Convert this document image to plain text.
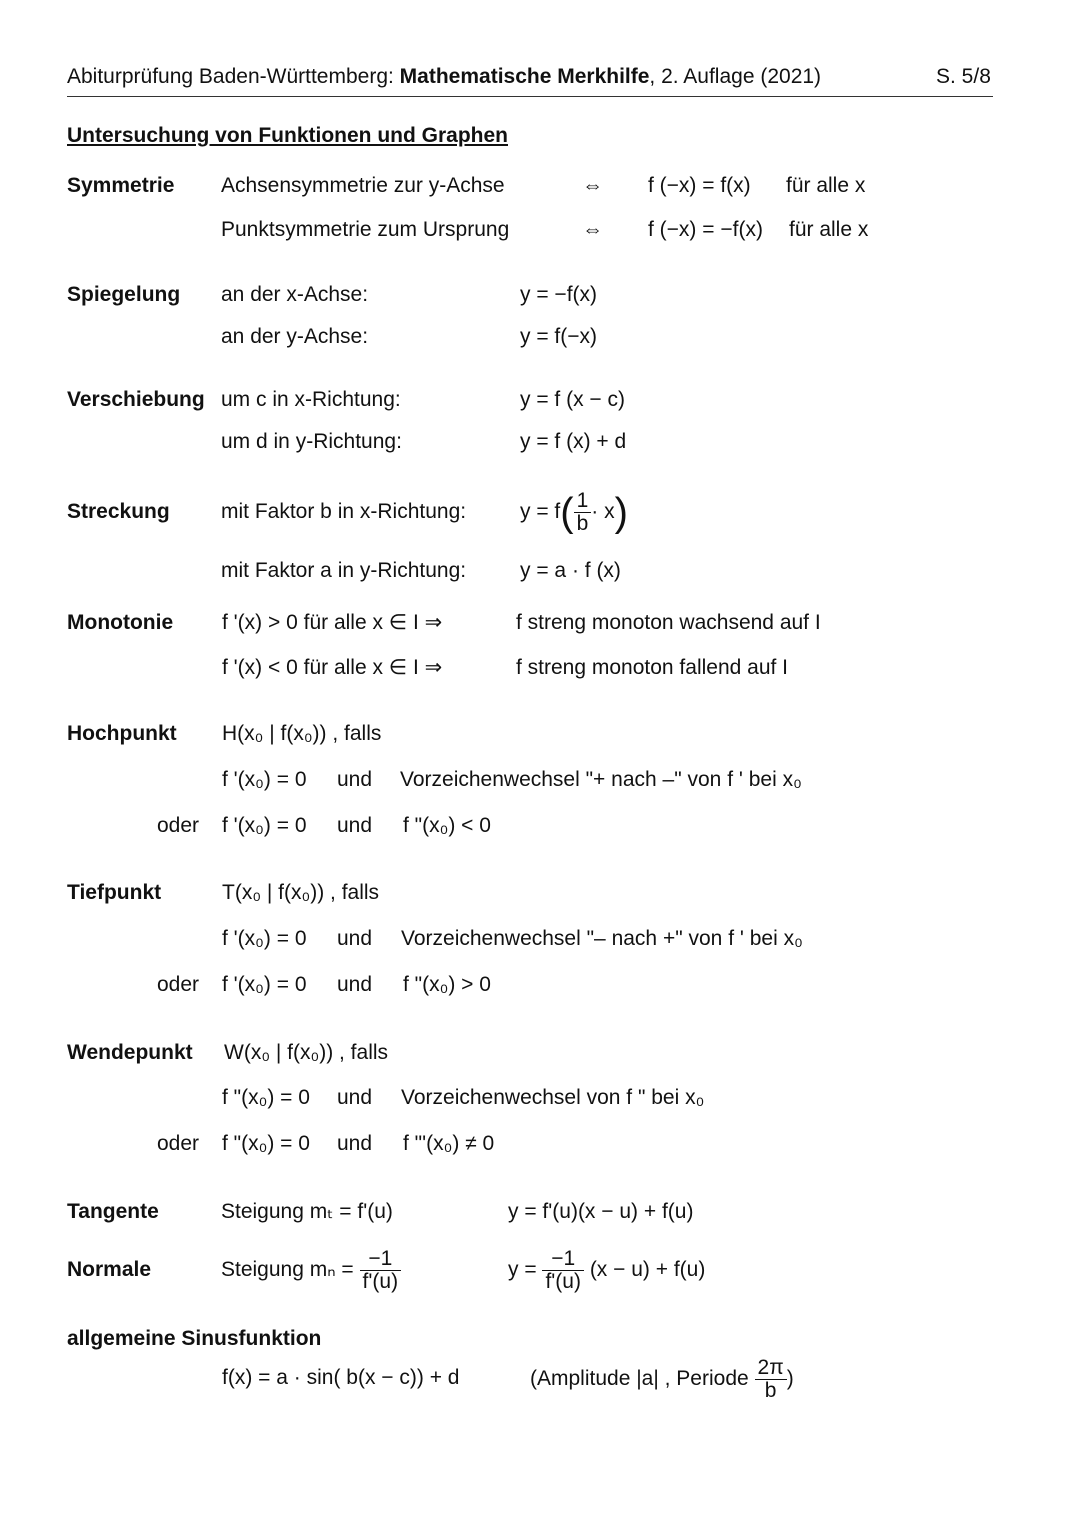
Abiturprüfung Baden-Württemberg: Mathematische Merkhilfe, 2. Auflage (2021)	S. 5/8
Untersuchung von Funktionen und Graphen
Symmetrie Achsensymmetrie zur y-Achse	⇔ f (−x) = f(x) für alle x
Punktsymmetrie zum Ursprung	⇔ f (−x) = −f(x) für alle x
Spiegelung an der x-Achse:	y = −f(x)
an der y-Achse:	y = f(−x)
Verschiebung um c in x-Richtung:	y = f (x − c)
um d in y-Richtung:	y = f (x) + d
Streckung mit Faktor b in x-Richtung:	$y = f( \frac{1}{b} \cdot x)$
mit Faktor a in y-Richtung:	y = a · f (x)
Monotonie f '(x) > 0 für alle x ∈ I ⇒	f streng monoton wachsend auf I
f '(x) < 0 für alle x ∈ I ⇒	f streng monoton fallend auf I
Hochpunkt H(x₀ | f(x₀)) , falls
f '(x₀) = 0 und Vorzeichenwechsel "+ nach –" von f ' bei x₀
oder f '(x₀) = 0 und f "(x₀) < 0
Tiefpunkt	T(x₀ | f(x₀)) , falls
f '(x₀) = 0 und Vorzeichenwechsel "– nach +" von f ' bei x₀
oder f '(x₀) = 0 und f "(x₀) > 0
Wendepunkt W(x₀ | f(x₀)) , falls
f "(x₀) = 0 und Vorzeichenwechsel von f " bei x₀
oder f "(x₀) = 0 und f "'(x₀) ≠ 0
Tangente	Steigung mₜ = f'(u)	y = f'(u)(x − u) + f(u)
Normale	Steigung $m_n = \frac{-1}{f'(u)}$	$y = \frac{-1}{f'(u)} (x - u) + f(u)$
allgemeine Sinusfunktion
f(x) = a · sin( b(x − c)) + d	(Amplitude |a| , Periode $\frac{2\pi}{b}$ )
